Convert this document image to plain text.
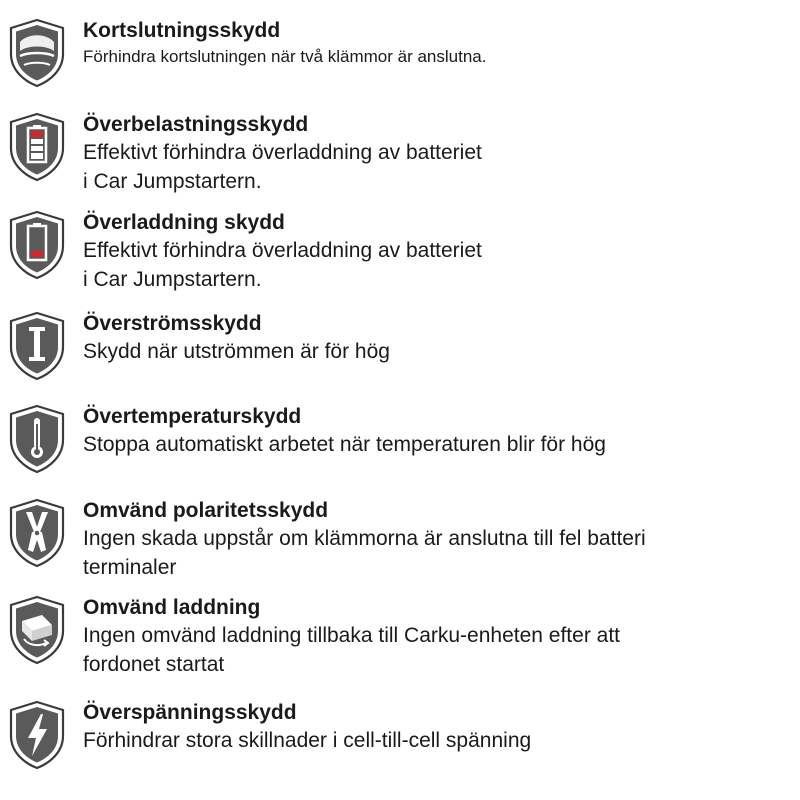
Kortslutningsskydd

Förhindra kortslutningen när två klämmor är anslutna.

Överbelastningsskydd

Effektivt förhindra överladdning av batteriet

i Car Jumpstartern.

Överladdning skydd

Effektivt förhindra överladdning av batteriet

i Car Jumpstartern.

Överströmsskydd

Skydd när utströmmen är för hög

Övertemperaturskydd

Stoppa automatiskt arbetet när temperaturen blir för hög

Omvänd polaritetsskydd

Ingen skada uppstår om klämmorna är anslutna till fel batteri

terminaler

Omvänd laddning

Ingen omvänd laddning tillbaka till Carku-enheten efter att

fordonet startat

Överspänningsskydd

Förhindrar stora skillnader i cell-till-cell spänning
